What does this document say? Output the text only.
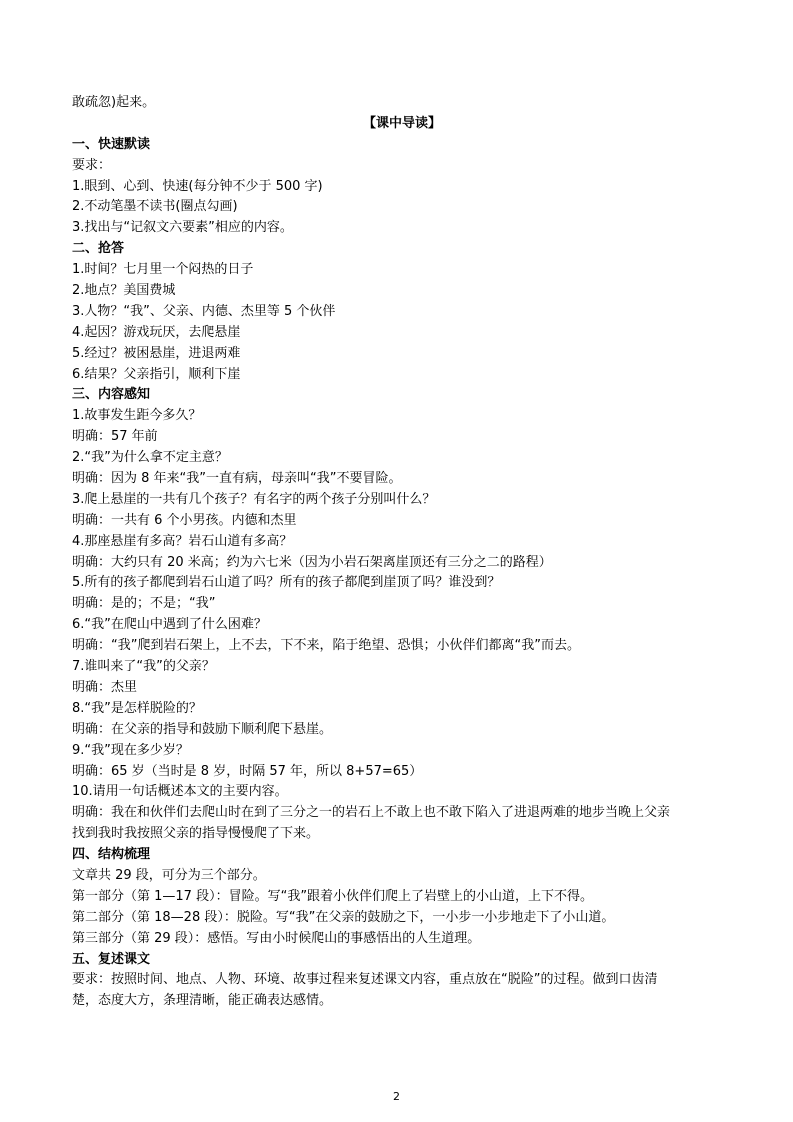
敢疏忽)起来。
【课中导读】
一、快速默读
要求：
1.眼到、心到、快速(每分钟不少于 500 字)
2.不动笔墨不读书(圈点勾画)
3.找出与“记叙文六要素”相应的内容。
二、抢答
1.时间？七月里一个闷热的日子
2.地点？美国费城
3.人物？“我”、父亲、内德、杰里等 5 个伙伴
4.起因？游戏玩厌，去爬悬崖
5.经过？被困悬崖，进退两难
6.结果？父亲指引，顺利下崖
三、内容感知
1.故事发生距今多久？
明确：57 年前
2.“我”为什么拿不定主意？
明确：因为 8 年来“我”一直有病，母亲叫“我”不要冒险。
3.爬上悬崖的一共有几个孩子？有名字的两个孩子分别叫什么？
明确：一共有 6 个小男孩。内德和杰里
4.那座悬崖有多高？岩石山道有多高？
明确：大约只有 20 米高；约为六七米（因为小岩石架离崖顶还有三分之二的路程）
5.所有的孩子都爬到岩石山道了吗？所有的孩子都爬到崖顶了吗？谁没到？
明确：是的；不是；“我”
6.“我”在爬山中遇到了什么困难？
明确：“我”爬到岩石架上，上不去，下不来，陷于绝望、恐惧；小伙伴们都离“我”而去。
7.谁叫来了“我”的父亲？
明确：杰里
8.“我”是怎样脱险的？
明确：在父亲的指导和鼓励下顺利爬下悬崖。
9.“我”现在多少岁？
明确：65 岁（当时是 8 岁，时隔 57 年，所以 8+57=65）
10.请用一句话概述本文的主要内容。
明确：我在和伙伴们去爬山时在到了三分之一的岩石上不敢上也不敢下陷入了进退两难的地步当晚上父亲
找到我时我按照父亲的指导慢慢爬了下来。
四、结构梳理
文章共 29 段，可分为三个部分。
第一部分（第 1—17 段）：冒险。写“我”跟着小伙伴们爬上了岩壁上的小山道，上下不得。
第二部分（第 18—28 段）：脱险。写“我”在父亲的鼓励之下，一小步一小步地走下了小山道。
第三部分（第 29 段）：感悟。写由小时候爬山的事感悟出的人生道理。
五、复述课文
要求：按照时间、地点、人物、环境、故事过程来复述课文内容，重点放在“脱险”的过程。做到口齿清
楚，态度大方，条理清晰，能正确表达感情。
2
